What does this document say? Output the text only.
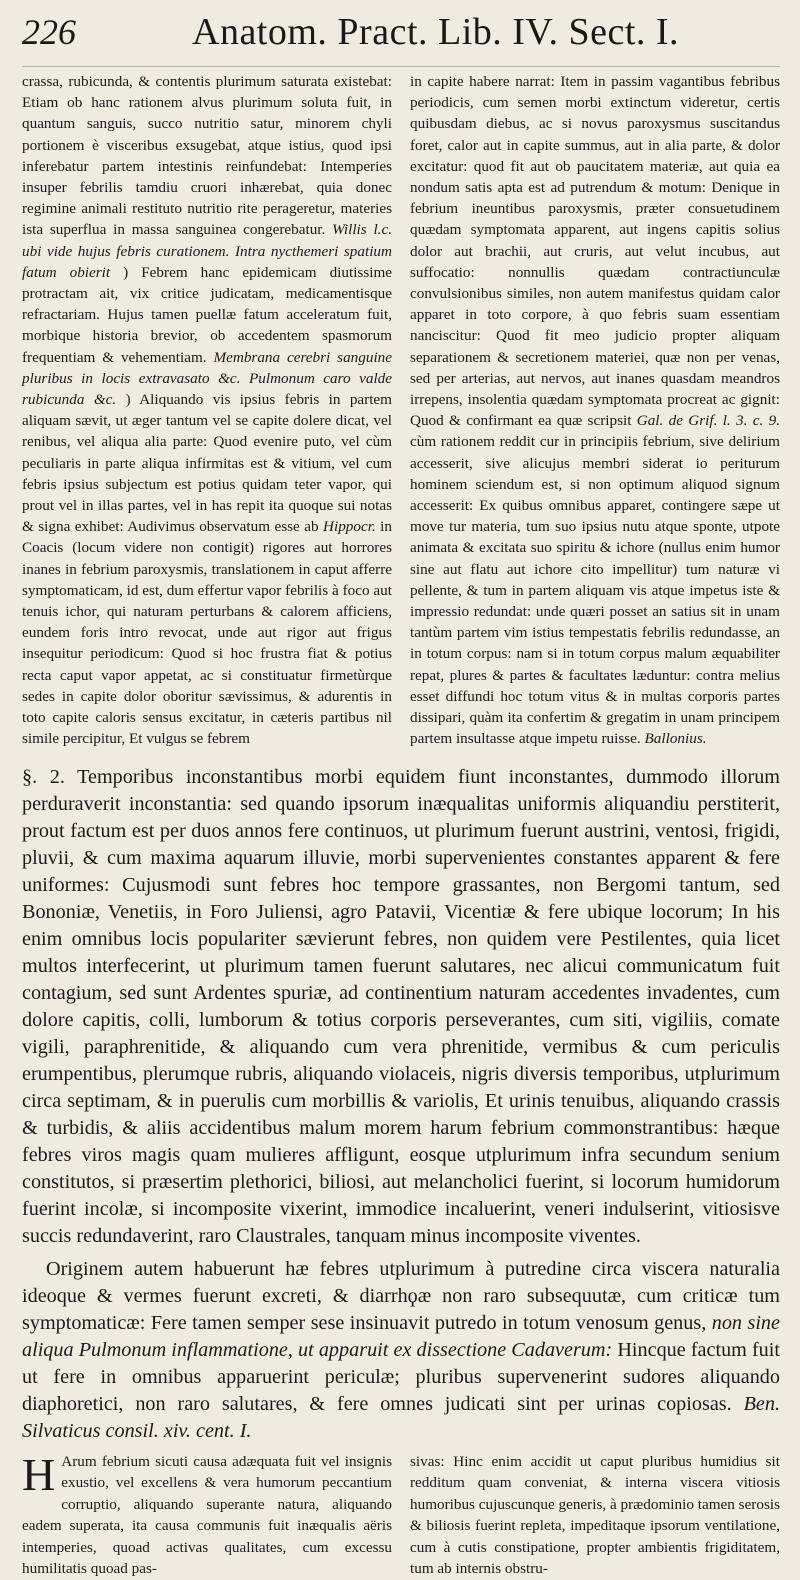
226	Anatom. Pract. Lib. IV. Sect. I.

crassa, rubicunda, & contentis plurimum saturata existebat: Etiam ob hanc rationem alvus plurimum soluta fuit, in quantum sanguis, succo nutritio satur, minorem chyli portionem è visceribus exsugebat, atque istius, quod ipsi inferebatur partem intestinis reinfundebat: Intemperies insuper febrilis tamdiu cruori inhærebat, quia donec regimine animali restituto nutritio rite perageretur, materies ista superflua in massa sanguinea congerebatur. Willis l.c. ubi vide hujus febris curationem. Intra nycthemeri spatium fatum obierit ) Febrem hanc epidemicam diutissime protractam ait, vix critice judicatam, medicamentisque refractariam. Hujus tamen puellæ fatum acceleratum fuit, morbique historia brevior, ob accedentem spasmorum frequentiam & vehementiam. Membrana cerebri sanguine pluribus in locis extravasato &c. Pulmonum caro valde rubicunda &c. ) Aliquando vis ipsius febris in partem aliquam sævit, ut æger tantum vel se capite dolere dicat, vel renibus, vel aliqua alia parte: Quod evenire puto, vel cùm peculiaris in parte aliqua infirmitas est & vitium, vel cum febris ipsius subjectum est potius quidam teter vapor, qui prout vel in illas partes, vel in has repit ita quoque sui notas & signa exhibet: Audivimus observatum esse ab Hippocr. in Coacis (locum videre non contigit) rigores aut horrores inanes in febrium paroxysmis, translationem in caput afferre symptomaticam, id est, dum effertur vapor febrilis à foco aut tenuis ichor, qui naturam perturbans & calorem afficiens, eundem foris intro revocat, unde aut rigor aut frigus insequitur periodicum: Quod si hoc frustra fiat & potius recta caput vapor appetat, ac si constituatur firmetùrque sedes in capite dolor oboritur sævissimus, & adurentis in toto capite caloris sensus excitatur, in cæteris partibus nil simile percipitur, Et vulgus se febrem

in capite habere narrat: Item in passim vagantibus febribus periodicis, cum semen morbi extinctum videretur, certis quibusdam diebus, ac si novus paroxysmus suscitandus foret, calor aut in capite summus, aut in alia parte, & dolor excitatur: quod fit aut ob paucitatem materiæ, aut quia ea nondum satis apta est ad putrendum & motum: Denique in febrium ineuntibus paroxysmis, præter consuetudinem quædam symptomata apparent, aut ingens capitis solius dolor aut brachii, aut cruris, aut velut incubus, aut suffocatio: nonnullis quædam contractiunculæ convulsionibus similes, non autem manifestus quidam calor apparet in toto corpore, à quo febris suam essentiam nanciscitur: Quod fit meo judicio propter aliquam separationem & secretionem materiei, quæ non per venas, sed per arterias, aut nervos, aut inanes quasdam meandros irrepens, insolentia quædam symptomata procreat ac gignit: Quod & confirmant ea quæ scripsit Gal. de Grif. l. 3. c. 9. cùm rationem reddit cur in principiis febrium, sive delirium accesserit, sive alicujus membri siderat io periturum hominem sciendum est, si non optimum aliquod signum accesserit: Ex quibus omnibus apparet, contingere sæpe ut move tur materia, tum suo ipsius nutu atque sponte, utpote animata & excitata suo spiritu & ichore (nullus enim humor sine aut flatu aut ichore cito impellitur) tum naturæ vi pellente, & tum in partem aliquam vis atque impetus iste & impressio redundat: unde quæri posset an satius sit in unam tantùm partem vim istius tempestatis febrilis redundasse, an in totum corpus: nam si in totum corpus malum æquabiliter repat, plures & partes & facultates læduntur: contra melius esset diffundi hoc totum vitus & in multas corporis partes dissipari, quàm ita confertim & gregatim in unam principem partem insultasse atque impetu ruisse. Ballonius.

§. 2. Temporibus inconstantibus morbi equidem fiunt inconstantes, dummodo illorum perduraverit inconstantia: sed quando ipsorum inæqualitas uniformis aliquandiu perstiterit, prout factum est per duos annos fere continuos, ut plurimum fuerunt austrini, ventosi, frigidi, pluvii, & cum maxima aquarum illuvie, morbi supervenientes constantes apparent & fere uniformes: Cujusmodi sunt febres hoc tempore grassantes, non Bergomi tantum, sed Bononiæ, Venetiis, in Foro Juliensi, agro Patavii, Vicentiæ & fere ubique locorum; In his enim omnibus locis populariter sævierunt febres, non quidem vere Pestilentes, quia licet multos interfecerint, ut plurimum tamen fuerunt salutares, nec alicui communicatum fuit contagium, sed sunt Ardentes spuriæ, ad continentium naturam accedentes invadentes, cum dolore capitis, colli, lumborum & totius corporis perseverantes, cum siti, vigiliis, comate vigili, paraphrenitide, & aliquando cum vera phrenitide, vermibus & cum periculis erumpentibus, plerumque rubris, aliquando violaceis, nigris diversis temporibus, utplurimum circa septimam, & in puerulis cum morbillis & variolis, Et urinis tenuibus, aliquando crassis & turbidis, & aliis accidentibus malum morem harum febrium commonstrantibus: hæque febres viros magis quam mulieres affligunt, eosque utplurimum infra secundum senium constitutos, si præsertim plethorici, biliosi, aut melancholici fuerint, si locorum humidorum fuerint incolæ, si incomposite vixerint, immodice incaluerint, veneri indulserint, vitiosisve succis redundaverint, raro Claustrales, tanquam minus incomposite viventes.

Originem autem habuerunt hæ febres utplurimum à putredine circa viscera naturalia ideoque & vermes fuerunt excreti, & diarrhϙæ non raro subsequutæ, cum criticæ tum symptomaticæ: Fere tamen semper sese insinuavit putredo in totum venosum genus, non sine aliqua Pulmonum inflammatione, ut apparuit ex dissectione Cadaverum: Hincque factum fuit ut fere in omnibus apparuerint periculæ; pluribus supervenerint sudores aliquando diaphoretici, non raro salutares, & fere omnes judicati sint per urinas copiosas. Ben. Silvaticus consil. xiv. cent. I.

H Arum febrium sicuti causa adæquata fuit vel insignis exustio, vel excellens & vera humorum peccantium corruptio, aliquando superante natura, aliquando eadem superata, ita causa communis fuit inæqualis aëris intemperies, quoad activas qualitates, cum excessu humilitatis quoad pas-
sivas: Hinc enim accidit ut caput pluribus humidius sit redditum quam conveniat, & interna viscera vitiosis humoribus cujuscunque generis, à prædominio tamen serosis & biliosis fuerint repleta, impeditaque ipsorum ventilatione, cum à cutis constipatione, propter ambientis frigiditatem, tum ab internis obstru-
